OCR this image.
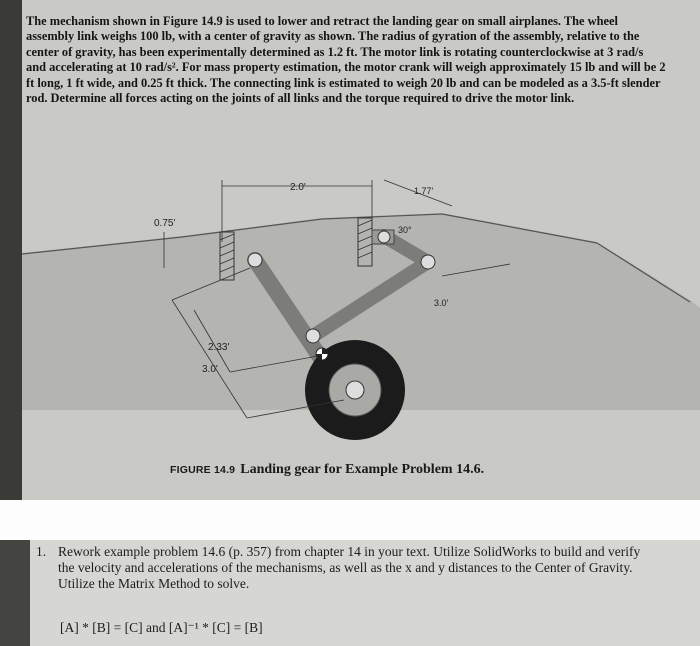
The mechanism shown in Figure 14.9 is used to lower and retract the landing gear on small airplanes. The wheel assembly link weighs 100 lb, with a center of gravity as shown. The radius of gyration of the assembly, relative to the center of gravity, has been experimentally determined as 1.2 ft. The motor link is rotating counterclockwise at 3 rad/s and accelerating at 10 rad/s². For mass property estimation, the motor crank will weigh approximately 15 lb and will be 2 ft long, 1 ft wide, and 0.25 ft thick. The connecting link is estimated to weigh 20 lb and can be modeled as a 3.5-ft slender rod. Determine all forces acting on the joints of all links and the torque required to drive the motor link.
2.0'	1.77'
30°
0.75'
3.0'
2.33'
3.0'
FIGURE 14.9 Landing gear for Example Problem 14.6.
1. Rework example problem 14.6 (p. 357) from chapter 14 in your text. Utilize SolidWorks to build and verify the velocity and accelerations of the mechanisms, as well as the x and y distances to the Center of Gravity. Utilize the Matrix Method to solve.
[A] * [B] = [C] and [A]⁻¹ * [C] = [B]
